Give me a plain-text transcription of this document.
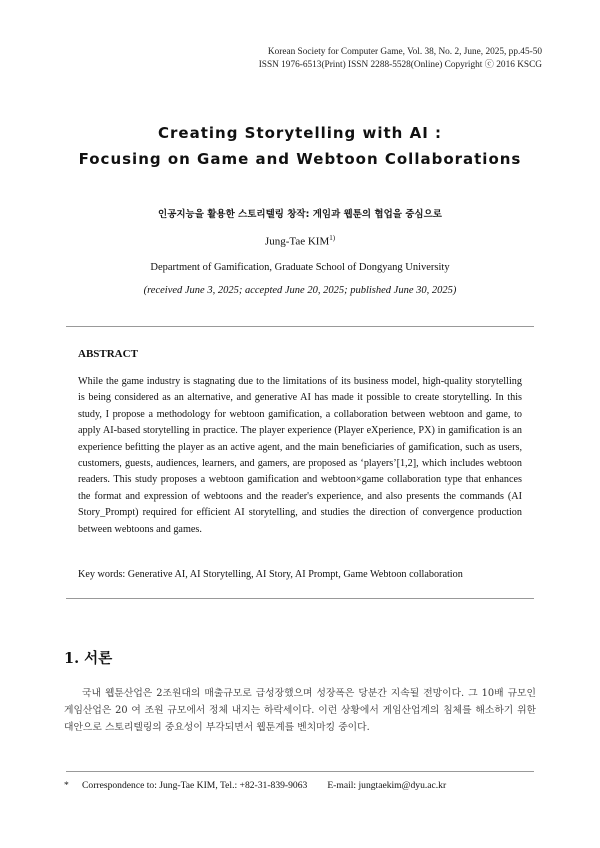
Korean Society for Computer Game, Vol. 38, No. 2, June, 2025, pp.45-50
ISSN 1976-6513(Print) ISSN 2288-5528(Online) Copyright ⓒ 2016 KSCG
Creating Storytelling with AI :
Focusing on Game and Webtoon Collaborations
인공지능을 활용한 스토리텔링 창작: 게임과 웹툰의 협업을 중심으로
Jung-Tae KIM$^{1)}$
Department of Gamification, Graduate School of Dongyang University
(received June 3, 2025; accepted June 20, 2025; published June 30, 2025)
ABSTRACT
While the game industry is stagnating due to the limitations of its business model, high-quality storytelling is being considered as an alternative, and generative AI has made it possible to create storytelling. In this study, I propose a methodology for webtoon gamification, a collaboration between webtoon and game, to apply AI-based storytelling in practice. The player experience (Player eXperience, PX) in gamification is an experience befitting the player as an active agent, and the main beneficiaries of gamification, such as users, customers, guests, audiences, learners, and gamers, are proposed as ‘players’[1,2], which includes webtoon readers. This study proposes a webtoon gamification and webtoon×game collaboration type that enhances the format and expression of webtoons and the reader's experience, and also presents the commands (AI Story_Prompt) required for efficient AI storytelling, and studies the direction of convergence production between webtoons and games.
Key words: Generative AI, AI Storytelling, AI Story, AI Prompt, Game Webtoon collaboration
1. 서론
국내 웹툰산업은 2조원대의 매출규모로 급성장했으며 성장폭은 당분간 지속될 전망이다. 그 10배 규모인 게임산업은 20 여 조원 규모에서 정체 내지는 하락세이다. 이런 상황에서 게임산업계의 침체를 해소하기 위한 대안으로 스토리텔링의 중요성이 부각되면서 웹툰계를 벤치마킹 중이다.
* Correspondence to: Jung-Tae KIM, Tel.: +82-31-839-9063 E-mail: jungtaekim@dyu.ac.kr
